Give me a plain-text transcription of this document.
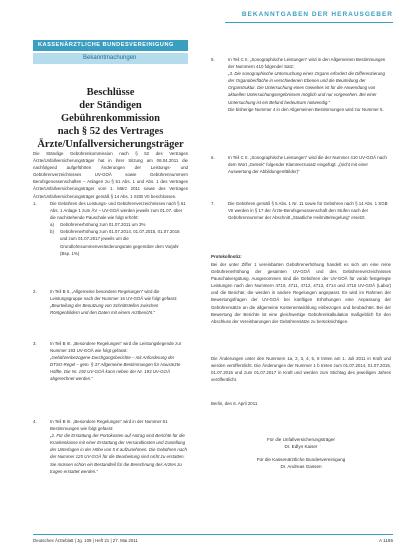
BEKANNTGABEN DER HERAUSGEBER
KASSENÄRZTLICHE BUNDESVEREINIGUNG
Bekanntmachungen
Beschlüsse
der Ständigen Gebührenkommission
nach § 52 des Vertrages
Ärzte/Unfallversicherungsträger
Die Ständige Gebührenkommission nach § 52 des Vertrages Ärzte/Unfallversicherungsträger hat in ihrer Sitzung am 06.04.2011 die nachfolgend aufgeführten Änderungen der Leistungs- und Gebührenverzeichnisses UV-GOÄ sowie Gebührennummern Berufsgenossenschaften – Anlagen zu § 51 Abs. 1 und Abs. 1 des Vertrages Ärzte/Unfallversicherungsträger vom 1. März 2011 sowie des Vertrages Ärzte/Unfallversicherungsträger gemäß § 14 Abs. 1 SGB VII beschlossen.
1.	Die Gebühren des Leistungs- und Gebührenverzeichnisses nach § 51 Abs. 1 Anlage 1 zum ÄV – UV-GOÄ werden jeweils zum 01.07. über die nachstehende Pauschale wie folgt erhöht:
a) Gebührenerhöhung zum 01.07.2011 um 3%
b) Gebührenerhöhung zum 01.07.2014, 01.07.2015, 01.07.2016 und zum 01.07.2017 jeweils um die Grundlohnsummenveränderungsrate gegenüber dem Vorjahr (Bsp. 1%)
2.	In Teil B II. „Allgemeine besondere Regelungen“ wird die Leistungsgruppe nach der Nummer 16 UV-GOÄ wie folgt gefasst:
„Beurteilung der Benutzung von Schnittstellen zwischen Röntgenbildern und den Daten mit einem Arztbericht.“
3.	In Teil B III. „Besondere Regelungen“ wird die Leistungslegende zur Nummer 193 UV-GOÄ wie folgt gefasst:
„Gebührenbezogene Durchgangsberichte – mit Anforderung der DTSO-Regel – gem. § 37 Allgemeine Bestimmungen für Hausärzte Hälfte. Die Nr. 192 UV-GOÄ kann neben der Nr. 193 UV-GOÄ abgerechnet werden.“
4.	In Teil B III. „Besondere Regelungen“ wird in der Nummer 61 Bestimmungen wie folgt gefasst:
„2. Für die Erstattung der Portokosten auf Antrag sind Berichte für die Krankenkasse mit einer Erstattung der Versandkosten und Zustellung der Unterlagen in der Höhe von 5 € aufzunehmen. Die Gebühren nach der Nummer 125 UV-GOÄ für die Bearbeitung sind nicht zu erstatten. Sie müssen schon ein Bestandteil für die Berechnung des Arztes zu tragen erstattet werden.“
5.	In Teil C II. „Sonographische Leistungen“ wird in den Allgemeinen Bestimmungen der Nummern 410 folgender Satz:
„3. Die sonographische Untersuchung eines Organs erfordert die Differenzierung der Organoberfläche in verschiedenen Ebenen und die Beurteilung der Organstruktur. Die Untersuchung eines Gewebes ist für die Anwendung von aktuellen Untersuchungsergebnissen möglich und nur vorgesehen. Bei einer Untersuchung ist ein Befund bedeutsam notwendig.“
Die bisherige Nummer 4 in den Allgemeinen Bestimmungen wird zur Nummer 5.
6.	In Teil C II. „Sonographische Leistungen“ wird die der Nummer 410 UV-GOÄ nach dem Wort „Gelenk“ folgender Klammerzusatz eingefügt: „(nicht mit einer Auswertung der Abbildungen/Bilder)“
7.	Die Gebühren gemäß § 5 Abs. 1 Nr. 11 sowie für Gebühren nach § 14 Abs. 1 SGB VII werden in § 17 der Ärzte-Berufsgenossenschaft den Stufen nach der Gebührennummer der Abschnitt „Staatliche Heilmittelregelung“ ersetzt.
Protokollnotiz:
Bei der unter Ziffer 1 vereinbarten Gebührenerhöhung handelt es sich um eine reine Gebührenerhöhung der gesamten UV-GOÄ und des Gebührenverzeichnisses Pauschalvergütung. Ausgenommen sind die Gebühren der UV-GOÄ für vorab festgelegte Leistungen nach den Nummern 4710, 4711, 4712, 4713, 4714 und 4715 UV-GOÄ (Labor) und die Berichte; die werden in andere Regelungen angepasst. Es wird im Rahmen der Bewertungsfragen der UV-GOÄ bei künftigen Erhöhungen eine Anpassung der Gebührensätze an die allgemeine Kostenentwicklung einbezogen und beobachtet. Bei der Bewertung der Berichte ist eine gleichwertige Gebührenkalkulation maßgeblich für den Abschluss der Vereinbarungen der Gebührensätze zu berücksichtigen.
Die Änderungen unter den Nummern 1a, 2, 3, 4, 5, 6 treten am 1. Juli 2011 in Kraft und werden veröffentlicht. Die Änderungen der Nummer 1 b treten zum 01.07.2014, 01.07.2015, 01.07.2016 und zum 01.07.2017 in Kraft und werden zum Stichtag des jeweiligen Jahres veröffentlicht.
Berlin, den 6. April 2011
Für die Unfallversicherungsträger
Dr. Edlyn Kaiser
Für die Kassenärztliche Bundesvereinigung
Dr. Andreas Gassen
Deutsches Ärzteblatt | Jg. 108 | Heft 21 | 27. Mai 2011	A 1165
